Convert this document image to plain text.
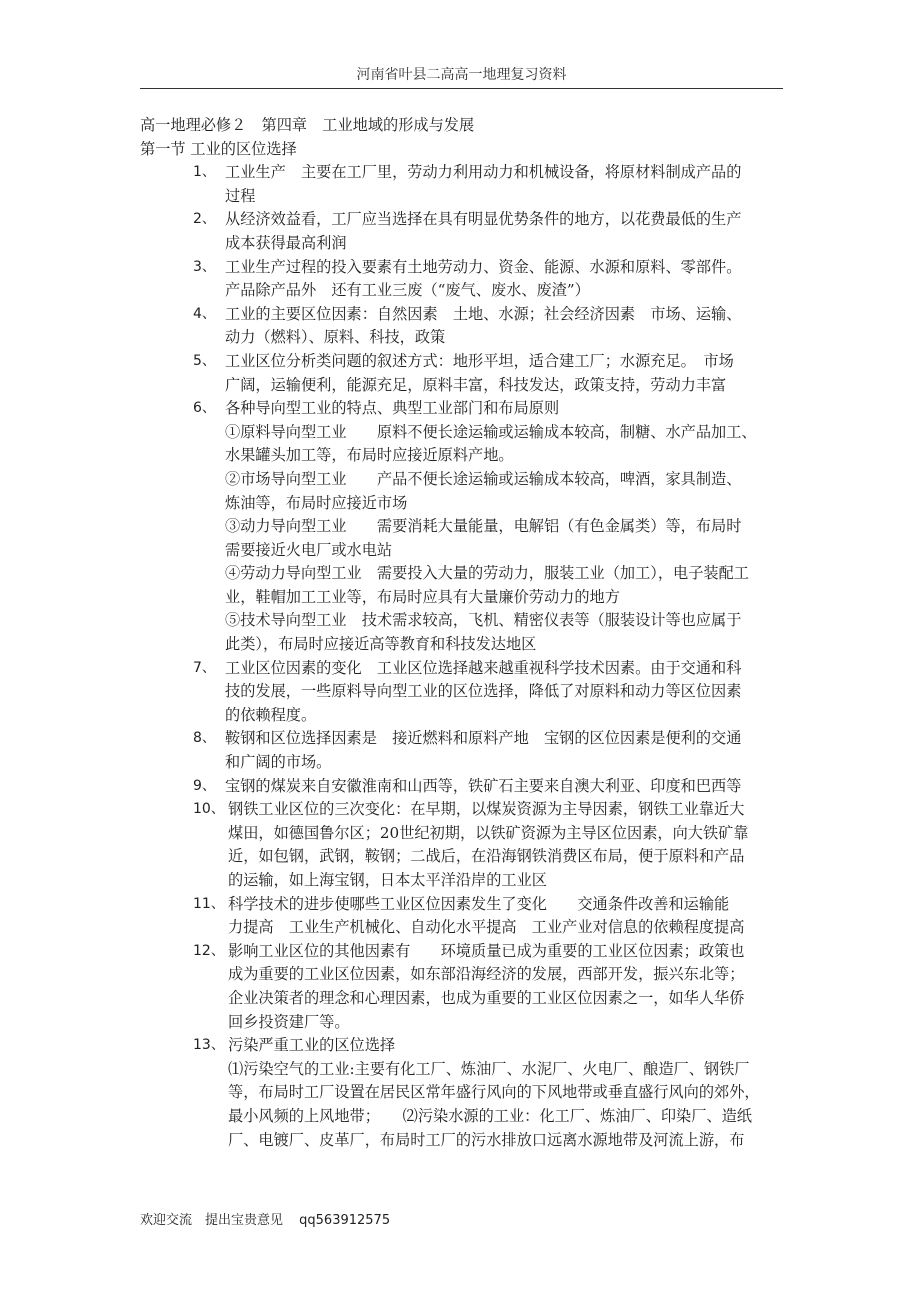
河南省叶县二高高一地理复习资料
高一地理必修２　第四章　工业地域的形成与发展
第一节 工业的区位选择
1、 工业生产　主要在工厂里，劳动力利用动力和机械设备，将原材料制成产品的
过程
2、 从经济效益看，工厂应当选择在具有明显优势条件的地方，以花费最低的生产
成本获得最高利润
3、 工业生产过程的投入要素有土地劳动力、资金、能源、水源和原料、零部件。
产品除产品外　还有工业三废（“废气、废水、废渣”）
4、 工业的主要区位因素：自然因素　土地、水源；社会经济因素　市场、运输、
动力（燃料）、原料、科技，政策
5、 工业区位分析类问题的叙述方式：地形平坦，适合建工厂；水源充足。　市场
广阔，运输便利，能源充足，原料丰富，科技发达，政策支持，劳动力丰富
6、 各种导向型工业的特点、典型工业部门和布局原则
①原料导向型工业　　原料不便长途运输或运输成本较高，制糖、水产品加工、
水果罐头加工等，布局时应接近原料产地。
②市场导向型工业　　产品不便长途运输或运输成本较高，啤酒，家具制造、
炼油等，布局时应接近市场
③动力导向型工业　　需要消耗大量能量，电解铝（有色金属类）等，布局时
需要接近火电厂或水电站
④劳动力导向型工业　需要投入大量的劳动力，服装工业（加工），电子装配工
业，鞋帽加工工业等，布局时应具有大量廉价劳动力的地方
⑤技术导向型工业　技术需求较高，飞机、精密仪表等（服装设计等也应属于
此类），布局时应接近高等教育和科技发达地区
7、 工业区位因素的变化　工业区位选择越来越重视科学技术因素。由于交通和科
技的发展，一些原料导向型工业的区位选择，降低了对原料和动力等区位因素
的依赖程度。
8、 鞍钢和区位选择因素是　接近燃料和原料产地　宝钢的区位因素是便利的交通
和广阔的市场。
9、 宝钢的煤炭来自安徽淮南和山西等，铁矿石主要来自澳大利亚、印度和巴西等
10、 钢铁工业区位的三次变化：在早期，以煤炭资源为主导因素，钢铁工业靠近大
煤田，如德国鲁尔区；20世纪初期，以铁矿资源为主导区位因素，向大铁矿靠
近，如包钢，武钢，鞍钢；二战后，在沿海钢铁消费区布局，便于原料和产品
的运输，如上海宝钢，日本太平洋沿岸的工业区
11、 科学技术的进步使哪些工业区位因素发生了变化　　交通条件改善和运输能
力提高　工业生产机械化、自动化水平提高　工业产业对信息的依赖程度提高
12、 影响工业区位的其他因素有　　环境质量已成为重要的工业区位因素；政策也
成为重要的工业区位因素，如东部沿海经济的发展，西部开发，振兴东北等；
企业决策者的理念和心理因素，也成为重要的工业区位因素之一，如华人华侨
回乡投资建厂等。
13、 污染严重工业的区位选择
⑴污染空气的工业:主要有化工厂、炼油厂、水泥厂、火电厂、酿造厂、钢铁厂
等，布局时工厂设置在居民区常年盛行风向的下风地带或垂直盛行风向的郊外，
最小风频的上风地带；　　⑵污染水源的工业：化工厂、炼油厂、印染厂、造纸
厂、电镀厂、皮革厂，布局时工厂的污水排放口远离水源地带及河流上游，布
欢迎交流　提出宝贵意见 qq563912575
